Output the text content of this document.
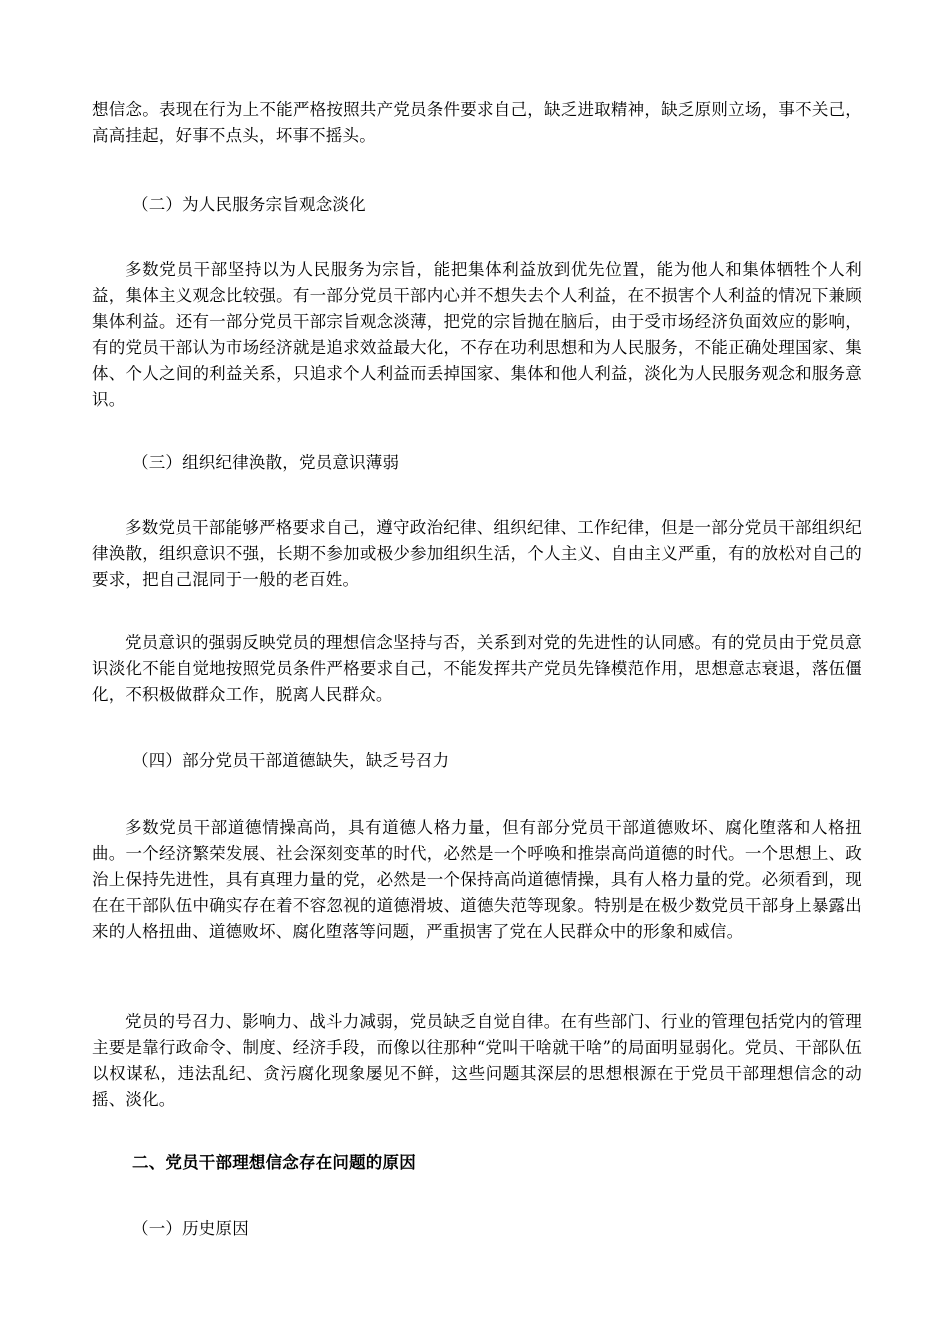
想信念。表现在行为上不能严格按照共产党员条件要求自己，缺乏进取精神，缺乏原则立场，事不关己，高高挂起，好事不点头，坏事不摇头。

（二）为人民服务宗旨观念淡化

多数党员干部坚持以为人民服务为宗旨，能把集体利益放到优先位置，能为他人和集体牺牲个人利益，集体主义观念比较强。有一部分党员干部内心并不想失去个人利益，在不损害个人利益的情况下兼顾集体利益。还有一部分党员干部宗旨观念淡薄，把党的宗旨抛在脑后，由于受市场经济负面效应的影响，有的党员干部认为市场经济就是追求效益最大化，不存在功利思想和为人民服务，不能正确处理国家、集体、个人之间的利益关系，只追求个人利益而丢掉国家、集体和他人利益，淡化为人民服务观念和服务意识。

（三）组织纪律涣散，党员意识薄弱

多数党员干部能够严格要求自己，遵守政治纪律、组织纪律、工作纪律，但是一部分党员干部组织纪律涣散，组织意识不强，长期不参加或极少参加组织生活，个人主义、自由主义严重，有的放松对自己的要求，把自己混同于一般的老百姓。

党员意识的强弱反映党员的理想信念坚持与否，关系到对党的先进性的认同感。有的党员由于党员意识淡化不能自觉地按照党员条件严格要求自己，不能发挥共产党员先锋模范作用，思想意志衰退，落伍僵化，不积极做群众工作，脱离人民群众。

（四）部分党员干部道德缺失，缺乏号召力

多数党员干部道德情操高尚，具有道德人格力量，但有部分党员干部道德败坏、腐化堕落和人格扭曲。一个经济繁荣发展、社会深刻变革的时代，必然是一个呼唤和推崇高尚道德的时代。一个思想上、政治上保持先进性，具有真理力量的党，必然是一个保持高尚道德情操，具有人格力量的党。必须看到，现在在干部队伍中确实存在着不容忽视的道德滑坡、道德失范等现象。特别是在极少数党员干部身上暴露出来的人格扭曲、道德败坏、腐化堕落等问题，严重损害了党在人民群众中的形象和威信。

党员的号召力、影响力、战斗力减弱，党员缺乏自觉自律。在有些部门、行业的管理包括党内的管理主要是靠行政命令、制度、经济手段，而像以往那种“党叫干啥就干啥”的局面明显弱化。党员、干部队伍以权谋私，违法乱纪、贪污腐化现象屡见不鲜，这些问题其深层的思想根源在于党员干部理想信念的动摇、淡化。

二、党员干部理想信念存在问题的原因

（一）历史原因
